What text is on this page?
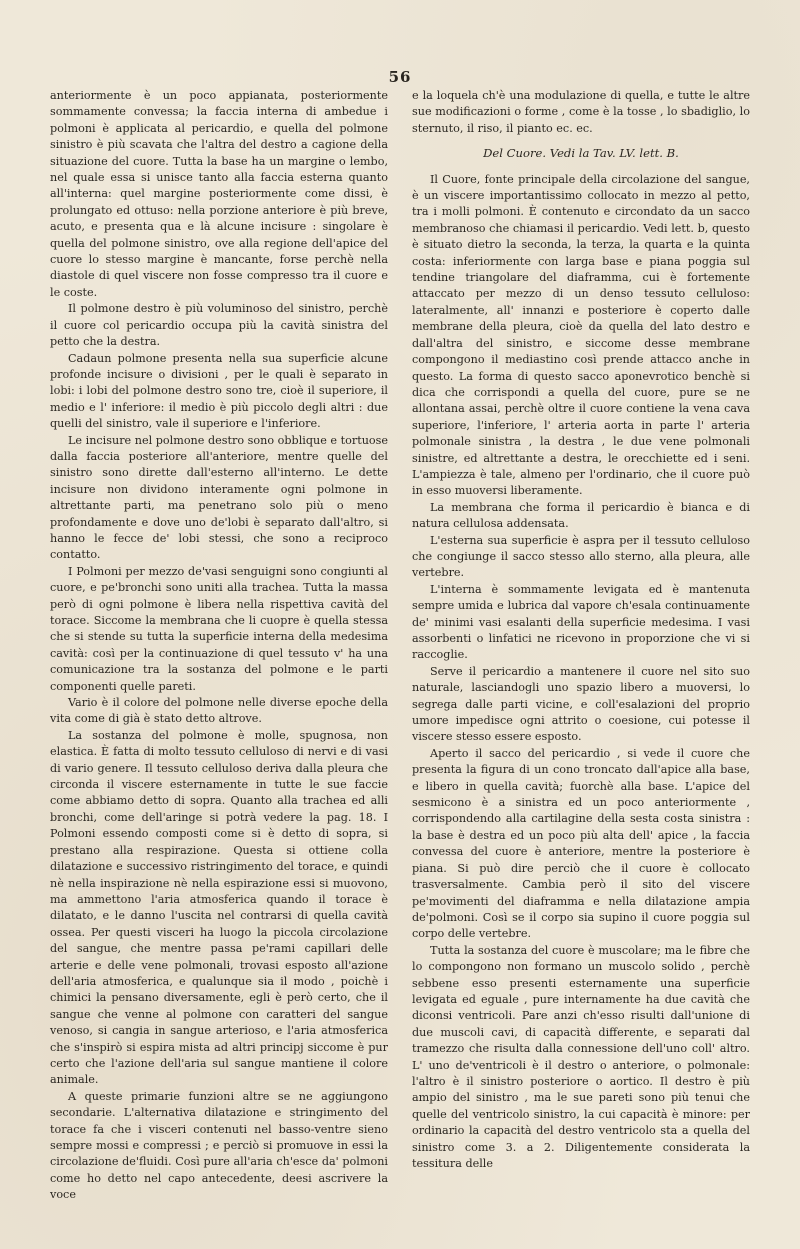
56

anteriormente è un poco appianata, posteriormente sommamente convessa; la faccia interna di ambedue i polmoni è applicata al pericardio, e quella del polmone sinistro è più scavata che l'altra del destro a cagione della situazione del cuore. Tutta la base ha un margine o lembo, nel quale essa si unisce tanto alla faccia esterna quanto all'interna: quel margine posteriormente come dissi, è prolungato ed ottuso: nella porzione anteriore è più breve, acuto, e presenta qua e là alcune incisure : singolare è quella del polmone sinistro, ove alla regione dell'apice del cuore lo stesso margine è mancante, forse perchè nella diastole di quel viscere non fosse compresso tra il cuore e le coste.

Il polmone destro è più voluminoso del sinistro, perchè il cuore col pericardio occupa più la cavità sinistra del petto che la destra.

Cadaun polmone presenta nella sua superficie alcune profonde incisure o divisioni , per le quali è separato in lobi: i lobi del polmone destro sono tre, cioè il superiore, il medio e l' inferiore: il medio è più piccolo degli altri : due quelli del sinistro, vale il superiore e l'inferiore.

Le incisure nel polmone destro sono obblique e tortuose dalla faccia posteriore all'anteriore, mentre quelle del sinistro sono dirette dall'esterno all'interno. Le dette incisure non dividono interamente ogni polmone in altrettante parti, ma penetrano solo più o meno profondamente e dove uno de'lobi è separato dall'altro, si hanno le fecce de' lobi stessi, che sono a reciproco contatto.

I Polmoni per mezzo de'vasi senguigni sono congiunti al cuore, e pe'bronchi sono uniti alla trachea. Tutta la massa però di ogni polmone è libera nella rispettiva cavità del torace. Siccome la membrana che li cuopre è quella stessa che si stende su tutta la superficie interna della medesima cavità: così per la continuazione di quel tessuto v' ha una comunicazione tra la sostanza del polmone e le parti componenti quelle pareti.

Vario è il colore del polmone nelle diverse epoche della vita come di già è stato detto altrove.

La sostanza del polmone è molle, spugnosa, non elastica. È fatta di molto tessuto celluloso di nervi e di vasi di vario genere. Il tessuto celluloso deriva dalla pleura che circonda il viscere esternamente in tutte le sue faccie come abbiamo detto di sopra. Quanto alla trachea ed alli bronchi, come dell'aringe si potrà vedere la pag. 18. I Polmoni essendo composti come si è detto di sopra, si prestano alla respirazione. Questa si ottiene colla dilatazione e successivo ristringimento del torace, e quindi nè nella inspirazione nè nella espirazione essi si muovono, ma ammettono l'aria atmosferica quando il torace è dilatato, e le danno l'uscita nel contrarsi di quella cavità ossea. Per questi visceri ha luogo la piccola circolazione del sangue, che mentre passa pe'rami capillari delle arterie e delle vene polmonali, trovasi esposto all'azione dell'aria atmosferica, e qualunque sia il modo , poichè i chimici la pensano diversamente, egli è però certo, che il sangue che venne al polmone con caratteri del sangue venoso, si cangia in sangue arterioso, e l'aria atmosferica che s'inspirò si espira mista ad altri principj siccome è pur certo che l'azione dell'aria sul sangue mantiene il colore animale.

A queste primarie funzioni altre se ne aggiungono secondarie. L'alternativa dilatazione e stringimento del torace fa che i visceri contenuti nel basso-ventre sieno sempre mossi e compressi ; e perciò si promuove in essi la circolazione de'fluidi. Così pure all'aria ch'esce da' polmoni come ho detto nel capo antecedente, deesi ascrivere la voce

e la loquela ch'è una modulazione di quella, e tutte le altre sue modificazioni o forme , come è la tosse , lo sbadiglio, lo sternuto, il riso, il pianto ec. ec.

Del Cuore. Vedi la Tav. LV. lett. B.

Il Cuore, fonte principale della circolazione del sangue, è un viscere importantissimo collocato in mezzo al petto, tra i molli polmoni. È contenuto e circondato da un sacco membranoso che chiamasi il pericardio. Vedi lett. b, questo è situato dietro la seconda, la terza, la quarta e la quinta costa: inferiormente con larga base e piana poggia sul tendine triangolare del diaframma, cui è fortemente attaccato per mezzo di un denso tessuto celluloso: lateralmente, all' innanzi e posteriore è coperto dalle membrane della pleura, cioè da quella del lato destro e dall'altra del sinistro, e siccome desse membrane compongono il mediastino così prende attacco anche in questo. La forma di questo sacco aponevrotico benchè si dica che corrispondi a quella del cuore, pure se ne allontana assai, perchè oltre il cuore contiene la vena cava superiore, l'inferiore, l' arteria aorta in parte l' arteria polmonale sinistra , la destra , le due vene polmonali sinistre, ed altrettante a destra, le orecchiette ed i seni. L'ampiezza è tale, almeno per l'ordinario, che il cuore può in esso muoversi liberamente.

La membrana che forma il pericardio è bianca e di natura cellulosa addensata.

L'esterna sua superficie è aspra per il tessuto celluloso che congiunge il sacco stesso allo sterno, alla pleura, alle vertebre.

L'interna è sommamente levigata ed è mantenuta sempre umida e lubrica dal vapore ch'esala continuamente de' minimi vasi esalanti della superficie medesima. I vasi assorbenti o linfatici ne ricevono in proporzione che vi si raccoglie.

Serve il pericardio a mantenere il cuore nel sito suo naturale, lasciandogli uno spazio libero a muoversi, lo segrega dalle parti vicine, e coll'esalazioni del proprio umore impedisce ogni attrito o coesione, cui potesse il viscere stesso essere esposto.

Aperto il sacco del pericardio , si vede il cuore che presenta la figura di un cono troncato dall'apice alla base, e libero in quella cavità; fuorchè alla base. L'apice del sesmicono è a sinistra ed un poco anteriormente , corrispondendo alla cartilagine della sesta costa sinistra : la base è destra ed un poco più alta dell' apice , la faccia convessa del cuore è anteriore, mentre la posteriore è piana. Si può dire perciò che il cuore è collocato trasversalmente. Cambia però il sito del viscere pe'movimenti del diaframma e nella dilatazione ampia de'polmoni. Così se il corpo sia supino il cuore poggia sul corpo delle vertebre.

Tutta la sostanza del cuore è muscolare; ma le fibre che lo compongono non formano un muscolo solido , perchè sebbene esso presenti esternamente una superficie levigata ed eguale , pure internamente ha due cavità che diconsi ventricoli. Pare anzi ch'esso risulti dall'unione di due muscoli cavi, di capacità differente, e separati dal tramezzo che risulta dalla connessione dell'uno coll' altro. L' uno de'ventricoli è il destro o anteriore, o polmonale: l'altro è il sinistro posteriore o aortico. Il destro è più ampio del sinistro , ma le sue pareti sono più tenui che quelle del ventricolo sinistro, la cui capacità è minore: per ordinario la capacità del destro ventricolo sta a quella del sinistro come 3. a 2. Diligentemente considerata la tessitura delle
